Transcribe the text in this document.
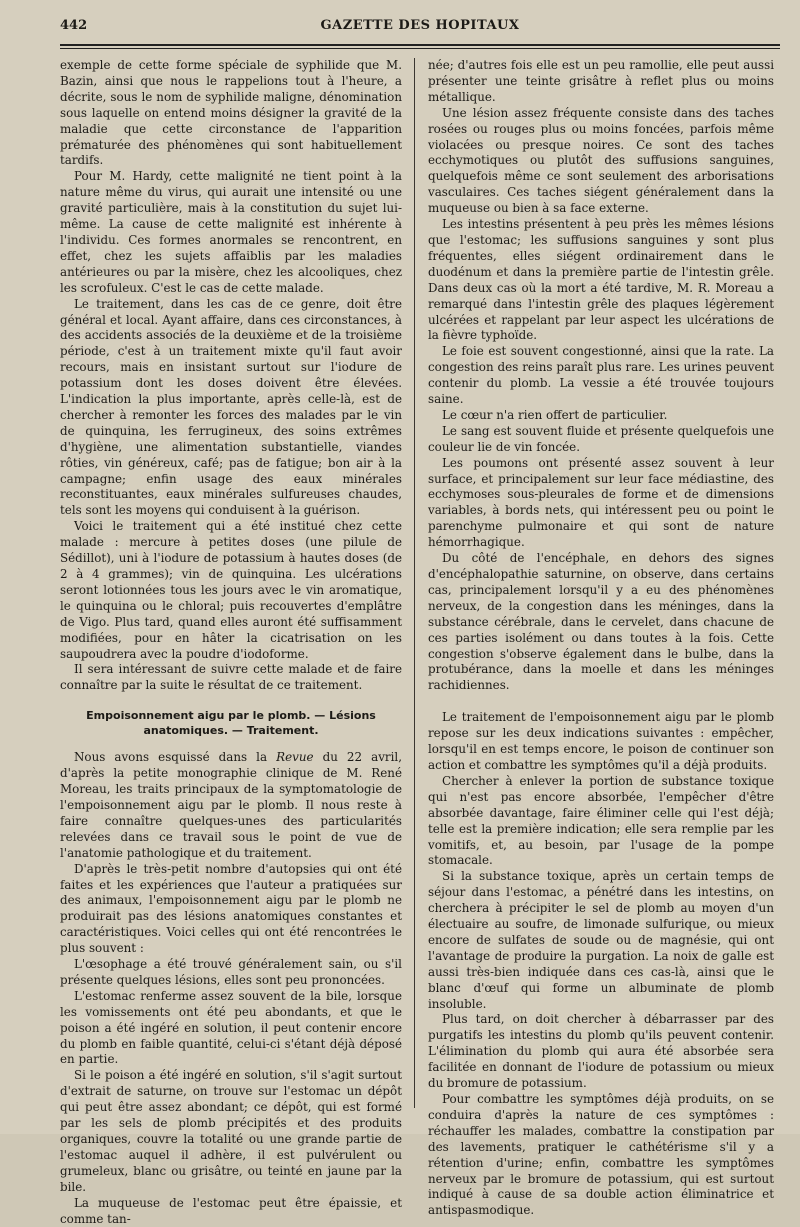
442	GAZETTE DES HOPITAUX

exemple de cette forme spéciale de syphilide que M. Bazin, ainsi que nous le rappelions tout à l'heure, a décrite, sous le nom de syphilide maligne, dénomination sous laquelle on entend moins désigner la gravité de la maladie que cette circonstance de l'apparition prématurée des phénomènes qui sont habituellement tardifs.

Pour M. Hardy, cette malignité ne tient point à la nature même du virus, qui aurait une intensité ou une gravité particulière, mais à la constitution du sujet lui-même. La cause de cette malignité est inhérente à l'individu. Ces formes anormales se rencontrent, en effet, chez les sujets affaiblis par les maladies antérieures ou par la misère, chez les alcooliques, chez les scrofuleux. C'est le cas de cette malade.

Le traitement, dans les cas de ce genre, doit être général et local. Ayant affaire, dans ces circonstances, à des accidents associés de la deuxième et de la troisième période, c'est à un traitement mixte qu'il faut avoir recours, mais en insistant surtout sur l'iodure de potassium dont les doses doivent être élevées. L'indication la plus importante, après celle-là, est de chercher à remonter les forces des malades par le vin de quinquina, les ferrugineux, des soins extrêmes d'hygiène, une alimentation substantielle, viandes rôties, vin généreux, café; pas de fatigue; bon air à la campagne; enfin usage des eaux minérales reconstituantes, eaux minérales sulfureuses chaudes, tels sont les moyens qui conduisent à la guérison.

Voici le traitement qui a été institué chez cette malade : mercure à petites doses (une pilule de Sédillot), uni à l'iodure de potassium à hautes doses (de 2 à 4 grammes); vin de quinquina. Les ulcérations seront lotionnées tous les jours avec le vin aromatique, le quinquina ou le chloral; puis recouvertes d'emplâtre de Vigo. Plus tard, quand elles auront été suffisamment modifiées, pour en hâter la cicatrisation on les saupoudrera avec la poudre d'iodoforme.

Il sera intéressant de suivre cette malade et de faire connaître par la suite le résultat de ce traitement.

Empoisonnement aigu par le plomb. — Lésions
anatomiques. — Traitement.

Nous avons esquissé dans la Revue du 22 avril, d'après la petite monographie clinique de M. René Moreau, les traits principaux de la symptomatologie de l'empoisonnement aigu par le plomb. Il nous reste à faire connaître quelques-unes des particularités relevées dans ce travail sous le point de vue de l'anatomie pathologique et du traitement.

D'après le très-petit nombre d'autopsies qui ont été faites et les expériences que l'auteur a pratiquées sur des animaux, l'empoisonnement aigu par le plomb ne produirait pas des lésions anatomiques constantes et caractéristiques. Voici celles qui ont été rencontrées le plus souvent :

L'œsophage a été trouvé généralement sain, ou s'il présente quelques lésions, elles sont peu prononcées.

L'estomac renferme assez souvent de la bile, lorsque les vomissements ont été peu abondants, et que le poison a été ingéré en solution, il peut contenir encore du plomb en faible quantité, celui-ci s'étant déjà déposé en partie.

Si le poison a été ingéré en solution, s'il s'agit surtout d'extrait de saturne, on trouve sur l'estomac un dépôt qui peut être assez abondant; ce dépôt, qui est formé par les sels de plomb précipités et des produits organiques, couvre la totalité ou une grande partie de l'estomac auquel il adhère, il est pulvérulent ou grumeleux, blanc ou grisâtre, ou teinté en jaune par la bile.

La muqueuse de l'estomac peut être épaissie, et comme tan-

née; d'autres fois elle est un peu ramollie, elle peut aussi présenter une teinte grisâtre à reflet plus ou moins métallique.

Une lésion assez fréquente consiste dans des taches rosées ou rouges plus ou moins foncées, parfois même violacées ou presque noires. Ce sont des taches ecchymotiques ou plutôt des suffusions sanguines, quelquefois même ce sont seulement des arborisations vasculaires. Ces taches siégent généralement dans la muqueuse ou bien à sa face externe.

Les intestins présentent à peu près les mêmes lésions que l'estomac; les suffusions sanguines y sont plus fréquentes, elles siégent ordinairement dans le duodénum et dans la première partie de l'intestin grêle. Dans deux cas où la mort a été tardive, M. R. Moreau a remarqué dans l'intestin grêle des plaques légèrement ulcérées et rappelant par leur aspect les ulcérations de la fièvre typhoïde.

Le foie est souvent congestionné, ainsi que la rate. La congestion des reins paraît plus rare. Les urines peuvent contenir du plomb. La vessie a été trouvée toujours saine.

Le cœur n'a rien offert de particulier.

Le sang est souvent fluide et présente quelquefois une couleur lie de vin foncée.

Les poumons ont présenté assez souvent à leur surface, et principalement sur leur face médiastine, des ecchymoses sous-pleurales de forme et de dimensions variables, à bords nets, qui intéressent peu ou point le parenchyme pulmonaire et qui sont de nature hémorrhagique.

Du côté de l'encéphale, en dehors des signes d'encéphalopathie saturnine, on observe, dans certains cas, principalement lorsqu'il y a eu des phénomènes nerveux, de la congestion dans les méninges, dans la substance cérébrale, dans le cervelet, dans chacune de ces parties isolément ou dans toutes à la fois. Cette congestion s'observe également dans le bulbe, dans la protubérance, dans la moelle et dans les méninges rachidiennes.

Le traitement de l'empoisonnement aigu par le plomb repose sur les deux indications suivantes : empêcher, lorsqu'il en est temps encore, le poison de continuer son action et combattre les symptômes qu'il a déjà produits.

Chercher à enlever la portion de substance toxique qui n'est pas encore absorbée, l'empêcher d'être absorbée davantage, faire éliminer celle qui l'est déjà; telle est la première indication; elle sera remplie par les vomitifs, et, au besoin, par l'usage de la pompe stomacale.

Si la substance toxique, après un certain temps de séjour dans l'estomac, a pénétré dans les intestins, on cherchera à précipiter le sel de plomb au moyen d'un électuaire au soufre, de limonade sulfurique, ou mieux encore de sulfates de soude ou de magnésie, qui ont l'avantage de produire la purgation. La noix de galle est aussi très-bien indiquée dans ces cas-là, ainsi que le blanc d'œuf qui forme un albuminate de plomb insoluble.

Plus tard, on doit chercher à débarrasser par des purgatifs les intestins du plomb qu'ils peuvent contenir. L'élimination du plomb qui aura été absorbée sera facilitée en donnant de l'iodure de potassium ou mieux du bromure de potassium.

Pour combattre les symptômes déjà produits, on se conduira d'après la nature de ces symptômes : réchauffer les malades, combattre la constipation par des lavements, pratiquer le cathétérisme s'il y a rétention d'urine; enfin, combattre les symptômes nerveux par le bromure de potassium, qui est surtout indiqué à cause de sa double action éliminatrice et antispasmodique.
